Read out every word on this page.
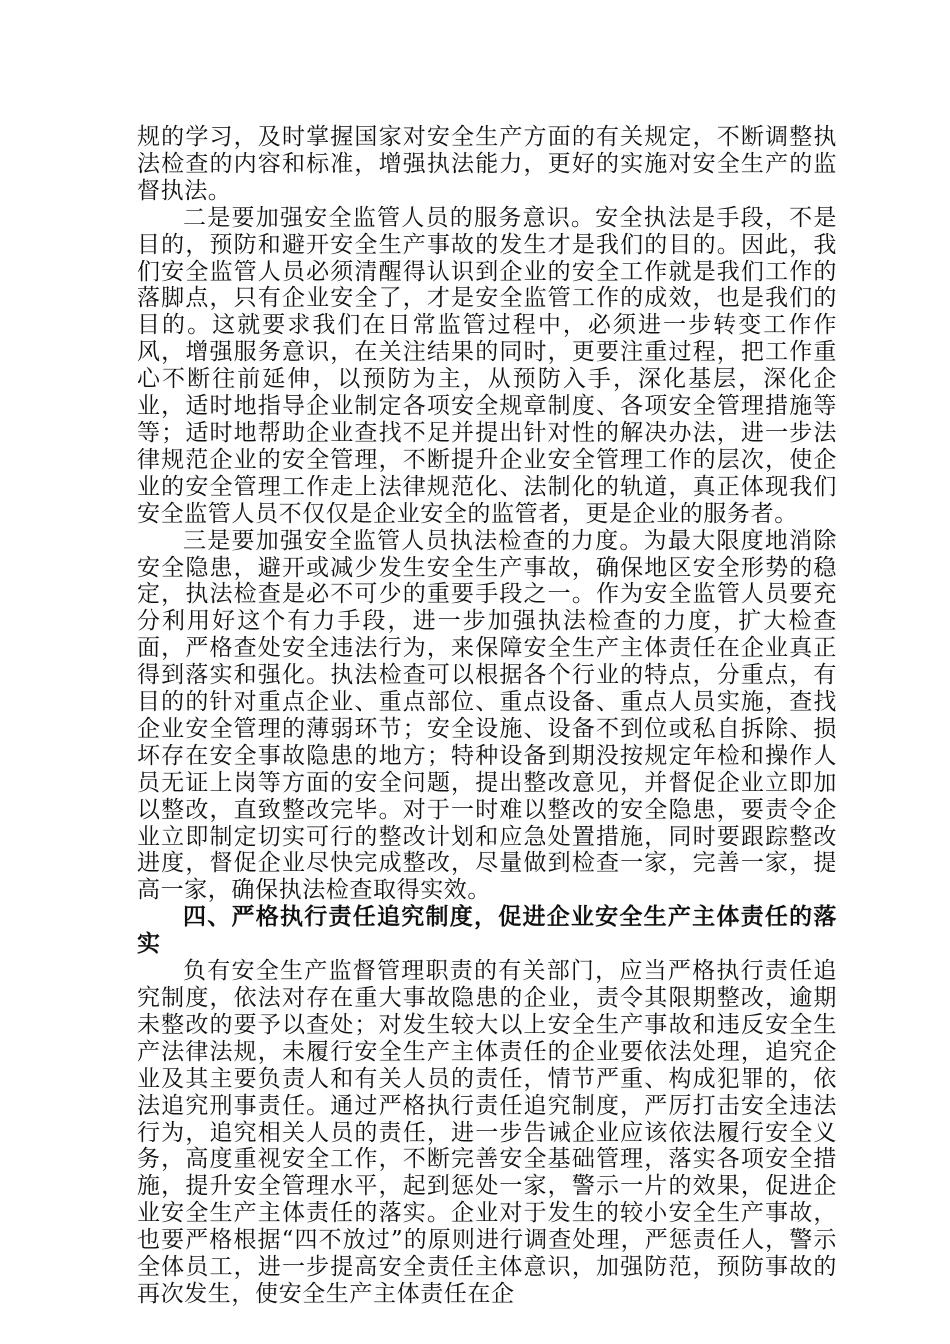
规的学习，及时掌握国家对安全生产方面的有关规定，不断调整执法检查的内容和标准，增强执法能力，更好的实施对安全生产的监督执法。

二是要加强安全监管人员的服务意识。安全执法是手段，不是目的，预防和避开安全生产事故的发生才是我们的目的。因此，我们安全监管人员必须清醒得认识到企业的安全工作就是我们工作的落脚点，只有企业安全了，才是安全监管工作的成效，也是我们的目的。这就要求我们在日常监管过程中，必须进一步转变工作作风，增强服务意识，在关注结果的同时，更要注重过程，把工作重心不断往前延伸，以预防为主，从预防入手，深化基层，深化企业，适时地指导企业制定各项安全规章制度、各项安全管理措施等等；适时地帮助企业查找不足并提出针对性的解决办法，进一步法律规范企业的安全管理，不断提升企业安全管理工作的层次，使企业的安全管理工作走上法律规范化、法制化的轨道，真正体现我们安全监管人员不仅仅是企业安全的监管者，更是企业的服务者。

三是要加强安全监管人员执法检查的力度。为最大限度地消除安全隐患，避开或减少发生安全生产事故，确保地区安全形势的稳定，执法检查是必不可少的重要手段之一。作为安全监管人员要充分利用好这个有力手段，进一步加强执法检查的力度，扩大检查面，严格查处安全违法行为，来保障安全生产主体责任在企业真正得到落实和强化。执法检查可以根据各个行业的特点，分重点，有目的的针对重点企业、重点部位、重点设备、重点人员实施，查找企业安全管理的薄弱环节；安全设施、设备不到位或私自拆除、损坏存在安全事故隐患的地方；特种设备到期没按规定年检和操作人员无证上岗等方面的安全问题，提出整改意见，并督促企业立即加以整改，直致整改完毕。对于一时难以整改的安全隐患，要责令企业立即制定切实可行的整改计划和应急处置措施，同时要跟踪整改进度，督促企业尽快完成整改，尽量做到检查一家，完善一家，提高一家，确保执法检查取得实效。

四、严格执行责任追究制度，促进企业安全生产主体责任的落实

负有安全生产监督管理职责的有关部门，应当严格执行责任追究制度，依法对存在重大事故隐患的企业，责令其限期整改，逾期未整改的要予以查处；对发生较大以上安全生产事故和违反安全生产法律法规，未履行安全生产主体责任的企业要依法处理，追究企业及其主要负责人和有关人员的责任，情节严重、构成犯罪的，依法追究刑事责任。通过严格执行责任追究制度，严厉打击安全违法行为，追究相关人员的责任，进一步告诫企业应该依法履行安全义务，高度重视安全工作，不断完善安全基础管理，落实各项安全措施，提升安全管理水平，起到惩处一家，警示一片的效果，促进企业安全生产主体责任的落实。企业对于发生的较小安全生产事故，也要严格根据“四不放过”的原则进行调查处理，严惩责任人，警示全体员工，进一步提高安全责任主体意识，加强防范，预防事故的再次发生，使安全生产主体责任在企
